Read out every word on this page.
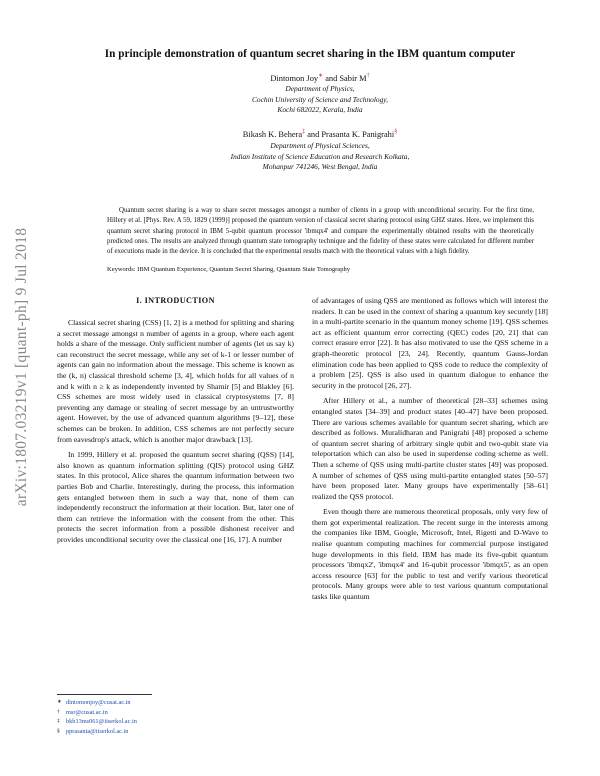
In principle demonstration of quantum secret sharing in the IBM quantum computer
Dintomon Joy∗ and Sabir M†
Department of Physics,
Cochin University of Science and Technology,
Kochi 682022, Kerala, India
Bikash K. Behera‡ and Prasanta K. Panigrahi§
Department of Physical Sciences,
Indian Institute of Science Education and Research Kolkata,
Mohanpur 741246, West Bengal, India
Quantum secret sharing is a way to share secret messages amongst a number of clients in a group with unconditional security. For the first time, Hillery et al. [Phys. Rev. A 59, 1829 (1999)] proposed the quantum version of classical secret sharing protocol using GHZ states. Here, we implement this quantum secret sharing protocol in IBM 5-qubit quantum processor 'ibmqx4' and compare the experimentally obtained results with the theoretically predicted ones. The results are analyzed through quantum state tomography technique and the fidelity of these states were calculated for different number of executions made in the device. It is concluded that the experimental results match with the theoretical values with a high fidelity.
Keywords: IBM Quantum Experience, Quantum Secret Sharing, Quantum State Tomography
arXiv:1807.03219v1 [quant-ph] 9 Jul 2018	I. INTRODUCTION

Classical secret sharing (CSS) [1, 2] is a method for splitting and sharing a secret message amongst n number of agents in a group, where each agent holds a share of the message. Only sufficient number of agents (let us say k) can reconstruct the secret message, while any set of k-1 or lesser number of agents can gain no information about the message. This scheme is known as the (k, n) classical threshold scheme [3, 4], which holds for all values of n and k with n ≥ k as independently invented by Shamir [5] and Blakley [6]. CSS schemes are most widely used in classical cryptosystems [7, 8] preventing any damage or stealing of secret message by an untrustworthy agent. However, by the use of advanced quantum algorithms [9–12], these schemes can be broken. In addition, CSS schemes are not perfectly secure from eavesdrop's attack, which is another major drawback [13].

In 1999, Hillery et al. proposed the quantum secret sharing (QSS) [14], also known as quantum information splitting (QIS) protocol using GHZ states. In this protocol, Alice shares the quantum information between two parties Bob and Charlie. Interestingly, during the process, this information gets entangled between them in such a way that, none of them can independently reconstruct the information at their location. But, later one of them can retrieve the information with the consent from the other. This protects the secret information from a possible dishonest receiver and provides unconditional security over the classical one [16, 17]. A number

of advantages of using QSS are mentioned as follows which will interest the readers. It can be used in the context of sharing a quantum key securely [18] in a multi-partite scenario in the quantum money scheme [19]. QSS schemes act as efficient quantum error correcting (QEC) codes [20, 21] that can correct erasure error [22]. It has also motivated to use the QSS scheme in a graph-theoretic protocol [23, 24]. Recently, quantum Gauss-Jordan elimination code has been applied to QSS code to reduce the complexity of a problem [25]. QSS is also used in quantum dialogue to enhance the security in the protocol [26, 27].

After Hillery et al., a number of theoretical [28–33] schemes using entangled states [34–39] and product states [40–47] have been proposed. There are various schemes available for quantum secret sharing, which are described as follows. Muralidharan and Panigrahi [48] proposed a scheme of quantum secret sharing of arbitrary single qubit and two-qubit state via teleportation which can also be used in superdense coding scheme as well. Then a scheme of QSS using multi-partite cluster states [49] was proposed. A number of schemes of QSS using multi-partite entangled states [50–57] have been proposed later. Many groups have experimentally [58–61] realized the QSS protocol.

Even though there are numerous theoretical proposals, only very few of them got experimental realization. The recent surge in the interests among the companies like IBM, Google, Microsoft, Intel, Rigetti and D-Wave to realise quantum computing machines for commercial purpose instigated huge developments in this field. IBM has made its five-qubit quantum processors 'ibmqx2', 'ibmqx4' and 16-qubit processor 'ibmqx5', as an open access resource [63] for the public to test and verify various theoretical protocols. Many groups were able to test various quantum computational tasks like quantum

∗ dintomonjoy@cusat.ac.in
† msr@cusat.ac.in
‡ bkb13ms061@iiserkol.ac.in
§ pprasanta@iiserkol.ac.in
